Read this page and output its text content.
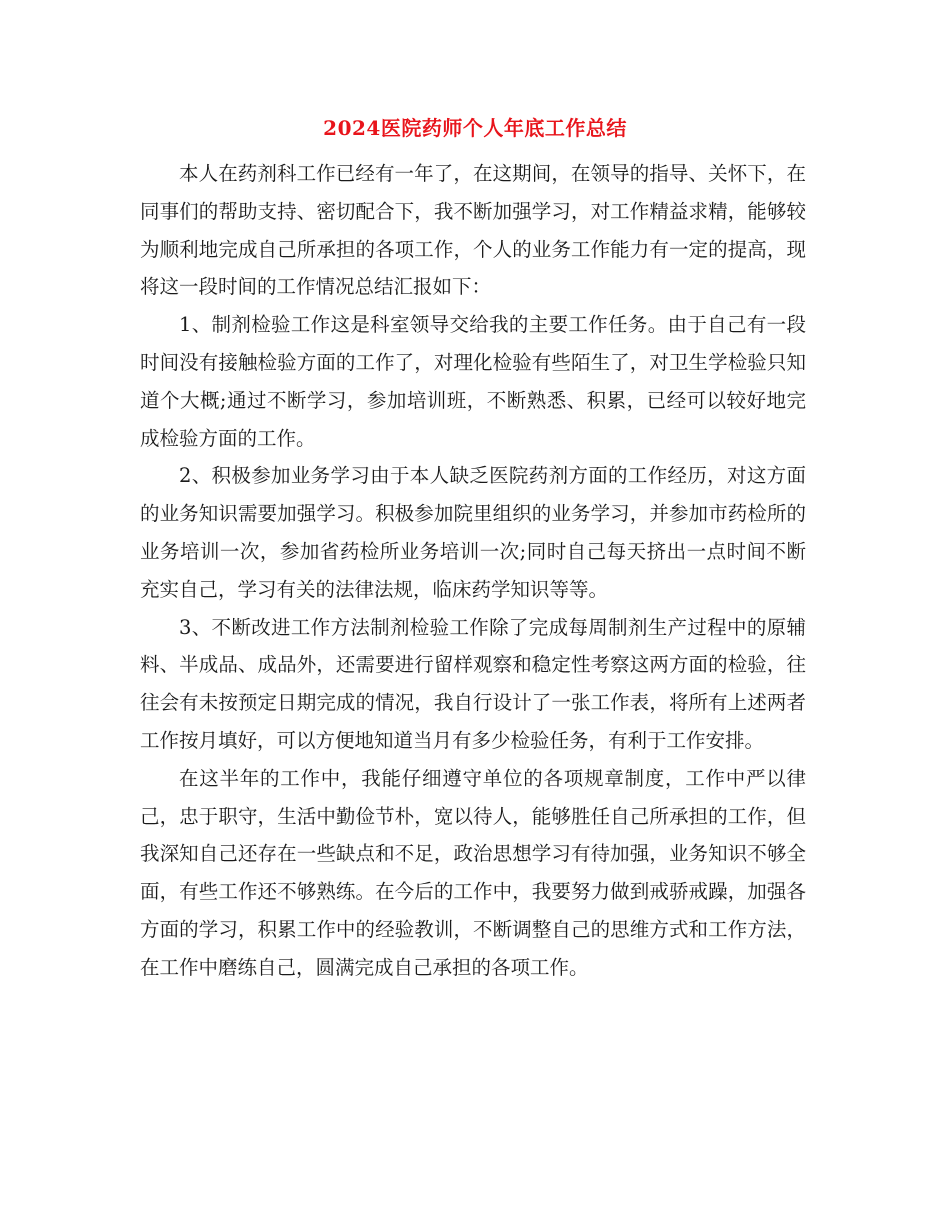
2024医院药师个人年底工作总结

本人在药剂科工作已经有一年了，在这期间，在领导的指导、关怀下，在同事们的帮助支持、密切配合下，我不断加强学习，对工作精益求精，能够较为顺利地完成自己所承担的各项工作，个人的业务工作能力有一定的提高，现将这一段时间的工作情况总结汇报如下：

1、制剂检验工作这是科室领导交给我的主要工作任务。由于自己有一段时间没有接触检验方面的工作了，对理化检验有些陌生了，对卫生学检验只知道个大概;通过不断学习，参加培训班，不断熟悉、积累，已经可以较好地完成检验方面的工作。

2、积极参加业务学习由于本人缺乏医院药剂方面的工作经历，对这方面的业务知识需要加强学习。积极参加院里组织的业务学习，并参加市药检所的业务培训一次，参加省药检所业务培训一次;同时自己每天挤出一点时间不断充实自己，学习有关的法律法规，临床药学知识等等。

3、不断改进工作方法制剂检验工作除了完成每周制剂生产过程中的原辅料、半成品、成品外，还需要进行留样观察和稳定性考察这两方面的检验，往往会有未按预定日期完成的情况，我自行设计了一张工作表，将所有上述两者工作按月填好，可以方便地知道当月有多少检验任务，有利于工作安排。

在这半年的工作中，我能仔细遵守单位的各项规章制度，工作中严以律己，忠于职守，生活中勤俭节朴，宽以待人，能够胜任自己所承担的工作，但我深知自己还存在一些缺点和不足，政治思想学习有待加强，业务知识不够全面，有些工作还不够熟练。在今后的工作中，我要努力做到戒骄戒躁，加强各方面的学习，积累工作中的经验教训，不断调整自己的思维方式和工作方法，在工作中磨练自己，圆满完成自己承担的各项工作。
